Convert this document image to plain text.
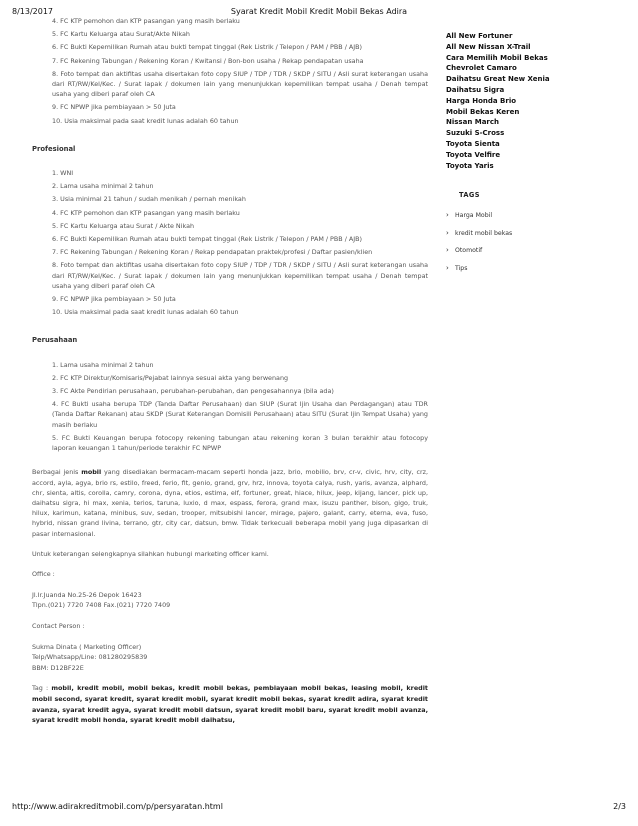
8/13/2017	Syarat Kredit Mobil Kredit Mobil Bekas Adira
4. FC KTP pemohon dan KTP pasangan yang masih berlaku
5. FC Kartu Keluarga atau Surat/Akte Nikah
6. FC Bukti Kepemilikan Rumah atau bukti tempat tinggal (Rek Listrik / Telepon / PAM / PBB / AJB)
7. FC Rekening Tabungan / Rekening Koran / Kwitansi / Bon-bon usaha / Rekap pendapatan usaha
8. Foto tempat dan aktifitas usaha disertakan foto copy SIUP / TDP / TDR / SKDP / SITU / Asli surat keterangan usaha dari RT/RW/Kel/Kec. / Surat lapak / dokumen lain yang menunjukkan kepemilikan tempat usaha / Denah tempat usaha yang diberi paraf oleh CA
9. FC NPWP jika pembiayaan > 50 Juta
10. Usia maksimal pada saat kredit lunas adalah 60 tahun
Profesional
1. WNI
2. Lama usaha minimal 2 tahun
3. Usia minimal 21 tahun / sudah menikah / pernah menikah
4. FC KTP pemohon dan KTP pasangan yang masih berlaku
5. FC Kartu Keluarga atau Surat / Akte Nikah
6. FC Bukti Kepemilikan Rumah atau bukti tempat tinggal (Rek Listrik / Telepon / PAM / PBB / AJB)
7. FC Rekening Tabungan / Rekening Koran / Rekap pendapatan praktek/profesi / Daftar pasien/klien
8. Foto tempat dan aktifitas usaha disertakan foto copy SIUP / TDP / TDR / SKDP / SITU / Asli surat keterangan usaha dari RT/RW/Kel/Kec. / Surat lapak / dokumen lain yang menunjukkan kepemilikan tempat usaha / Denah tempat usaha yang diberi paraf oleh CA
9. FC NPWP jika pembiayaan > 50 Juta
10. Usia maksimal pada saat kredit lunas adalah 60 tahun
Perusahaan
1. Lama usaha minimal 2 tahun
2. FC KTP Direktur/Komisaris/Pejabat lainnya sesuai akta yang berwenang
3. FC Akte Pendirian perusahaan, perubahan-perubahan, dan pengesahannya (bila ada)
4. FC Bukti usaha berupa TDP (Tanda Daftar Perusahaan) dan SIUP (Surat Ijin Usaha dan Perdagangan) atau TDR (Tanda Daftar Rekanan) atau SKDP (Surat Keterangan Domisili Perusahaan) atau SITU (Surat Ijin Tempat Usaha) yang masih berlaku
5. FC Bukti Keuangan berupa fotocopy rekening tabungan atau rekening koran 3 bulan terakhir atau fotocopy laporan keuangan 1 tahun/periode terakhir FC NPWP

Berbagai jenis mobil yang disediakan bermacam-macam seperti honda jazz, brio, mobilio, brv, cr-v, civic, hrv, city, crz, accord, ayla, agya, brio rs, estilo, freed, ferio, fit, genio, grand, grv, hrz, innova, toyota calya, rush, yaris, avanza, alphard, chr, sienta, altis, corolla, camry, corona, dyna, etios, estima, elf, fortuner, great, hiace, hilux, jeep, kijang, lancer, pick up, daihatsu sigra, hi max, xenia, terios, taruna, luxio, d max, espass, ferora, grand max, isuzu panther, bison, gigo, truk, hilux, karimun, katana, minibus, suv, sedan, trooper, mitsubishi lancer, mirage, pajero, galant, carry, eterna, eva, fuso, hybrid, nissan grand livina, terrano, gtr, city car, datsun, bmw. Tidak terkecuali beberapa mobil yang juga dipasarkan di pasar internasional.

Untuk keterangan selengkapnya silahkan hubungi marketing officer kami.

Office :

Jl.Ir.Juanda No.25-26 Depok 16423
Tlpn.(021) 7720 7408 Fax.(021) 7720 7409

Contact Person :

Sukma Dinata ( Marketing Officer)
Telp/Whatsapp/Line: 081280295839
BBM: D12BF22E

Tag : mobil, kredit mobil, mobil bekas, kredit mobil bekas, pembiayaan mobil bekas, leasing mobil, kredit mobil second, syarat kredit, syarat kredit mobil, syarat kredit mobil bekas, syarat kredit adira, syarat kredit avanza, syarat kredit agya, syarat kredit mobil datsun, syarat kredit mobil baru, syarat kredit mobil avanza, syarat kredit mobil honda, syarat kredit mobil daihatsu,

All New Fortuner
All New Nissan X-Trail
Cara Memilih Mobil Bekas
Chevrolet Camaro
Daihatsu Great New Xenia
Daihatsu Sigra
Harga Honda Brio
Mobil Bekas Keren
Nissan March
Suzuki S-Cross
Toyota Sienta
Toyota Velfire
Toyota Yaris
TAGS
› Harga Mobil
› kredit mobil bekas
› Otomotif
› Tips
http://www.adirakreditmobil.com/p/persyaratan.html	2/3
